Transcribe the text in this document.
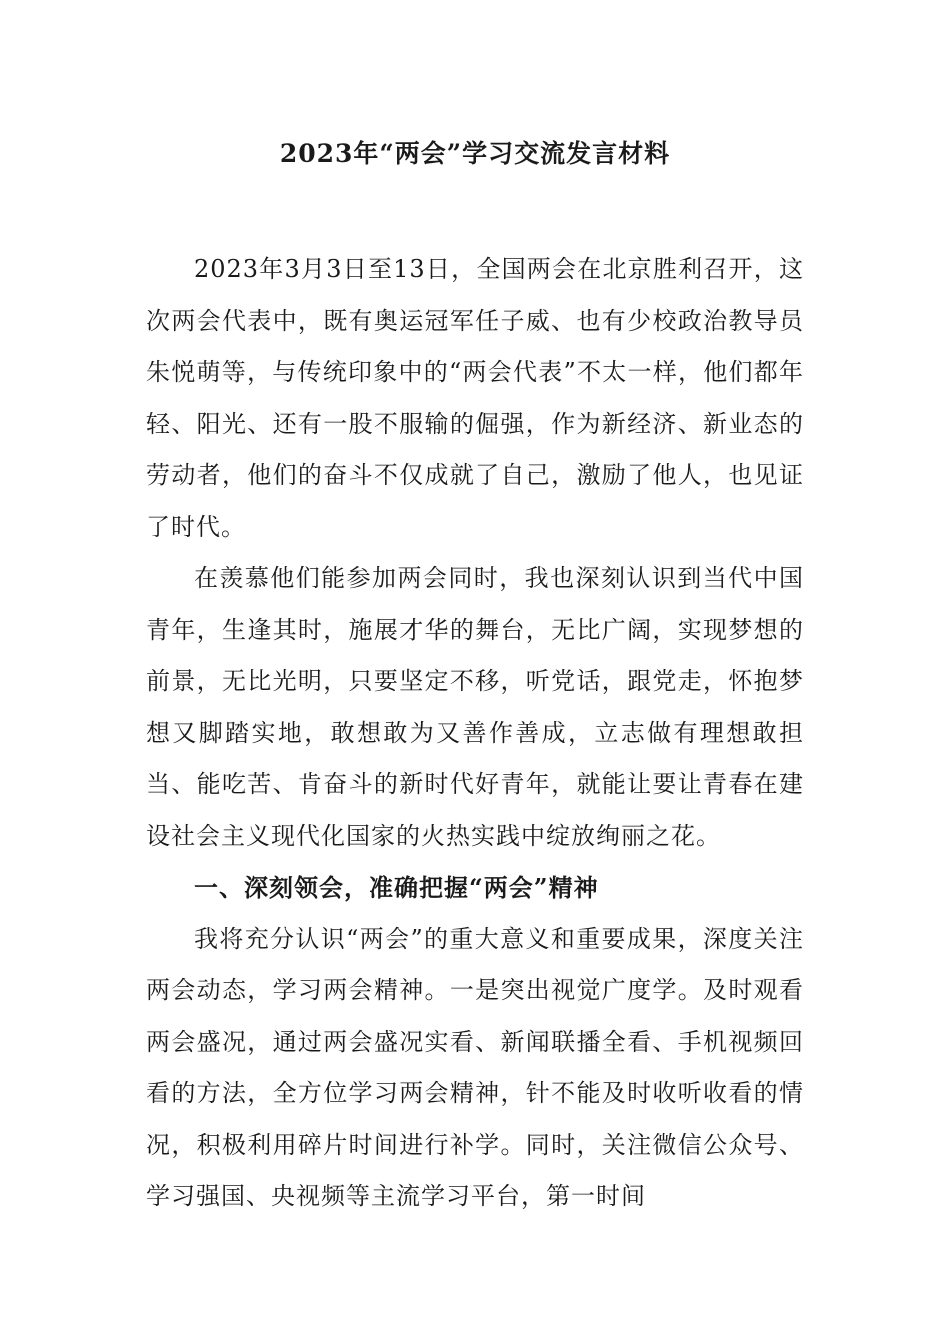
2023年“两会”学习交流发言材料

2023年3月3日至13日，全国两会在北京胜利召开，这次两会代表中，既有奥运冠军任子威、也有少校政治教导员朱悦萌等，与传统印象中的“两会代表”不太一样，他们都年轻、阳光、还有一股不服输的倔强，作为新经济、新业态的劳动者，他们的奋斗不仅成就了自己，激励了他人，也见证了时代。

在羡慕他们能参加两会同时，我也深刻认识到当代中国青年，生逢其时，施展才华的舞台，无比广阔，实现梦想的前景，无比光明，只要坚定不移，听党话，跟党走，怀抱梦想又脚踏实地，敢想敢为又善作善成，立志做有理想敢担当、能吃苦、肯奋斗的新时代好青年，就能让要让青春在建设社会主义现代化国家的火热实践中绽放绚丽之花。

一、深刻领会，准确把握“两会”精神

我将充分认识“两会”的重大意义和重要成果，深度关注两会动态，学习两会精神。一是突出视觉广度学。及时观看两会盛况，通过两会盛况实看、新闻联播全看、手机视频回看的方法，全方位学习两会精神，针不能及时收听收看的情况，积极利用碎片时间进行补学。同时，关注微信公众号、学习强国、央视频等主流学习平台，第一时间
